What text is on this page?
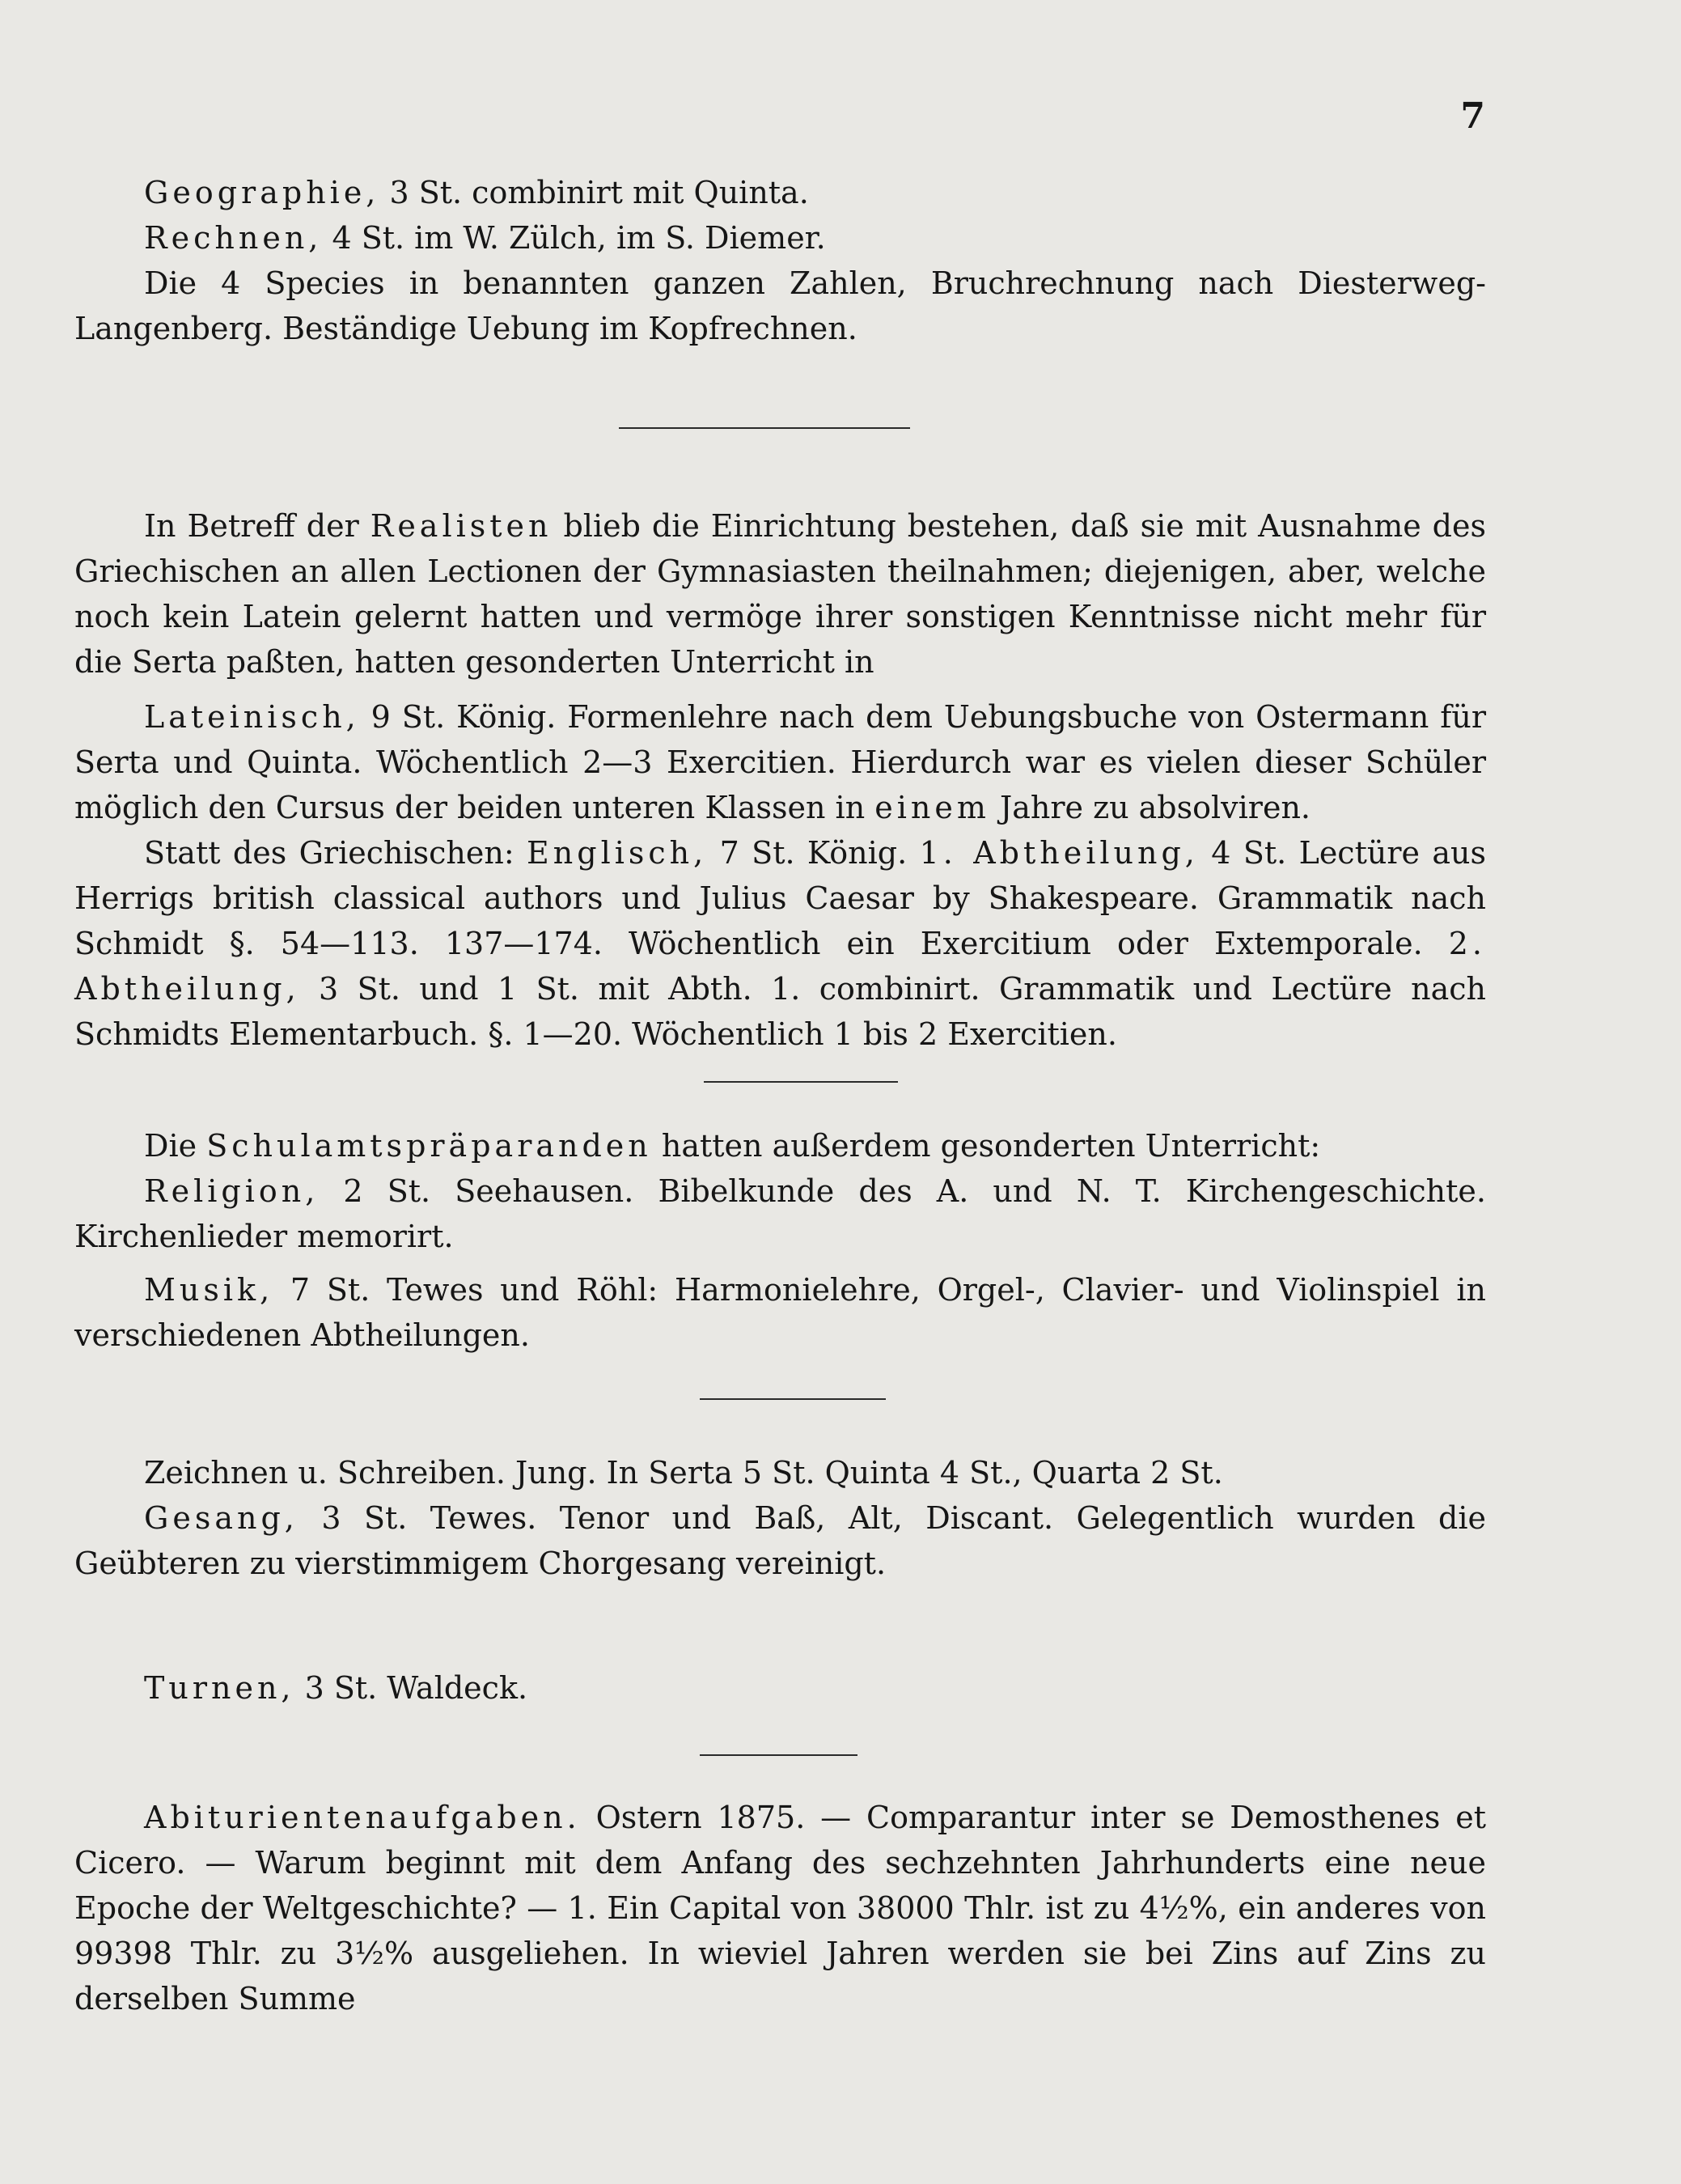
7

Geographie, 3 St. combinirt mit Quinta.

Rechnen, 4 St. im W. Zülch, im S. Diemer.

Die 4 Species in benannten ganzen Zahlen, Bruchrechnung nach Diesterweg-Langenberg. Beständige Uebung im Kopfrechnen.

In Betreff der Realisten blieb die Einrichtung bestehen, daß sie mit Ausnahme des Griechischen an allen Lectionen der Gymnasiasten theilnahmen; diejenigen, aber, welche noch kein Latein gelernt hatten und vermöge ihrer sonstigen Kenntnisse nicht mehr für die Serta paßten, hatten gesonderten Unterricht in

Lateinisch, 9 St. König. Formenlehre nach dem Uebungsbuche von Ostermann für Serta und Quinta. Wöchentlich 2—3 Exercitien. Hierdurch war es vielen dieser Schüler möglich den Cursus der beiden unteren Klassen in einem Jahre zu absolviren.

Statt des Griechischen: Englisch, 7 St. König. 1. Abtheilung, 4 St. Lectüre aus Herrigs british classical authors und Julius Caesar by Shakespeare. Grammatik nach Schmidt §. 54—113. 137—174. Wöchentlich ein Exercitium oder Extemporale. 2. Abtheilung, 3 St. und 1 St. mit Abth. 1. combinirt. Grammatik und Lectüre nach Schmidts Elementarbuch. §. 1—20. Wöchentlich 1 bis 2 Exercitien.

Die Schulamtspräparanden hatten außerdem gesonderten Unterricht:

Religion, 2 St. Seehausen. Bibelkunde des A. und N. T. Kirchengeschichte. Kirchenlieder memorirt.

Musik, 7 St. Tewes und Röhl: Harmonielehre, Orgel-, Clavier- und Violinspiel in verschiedenen Abtheilungen.

Zeichnen u. Schreiben. Jung. In Serta 5 St. Quinta 4 St., Quarta 2 St.

Gesang, 3 St. Tewes. Tenor und Baß, Alt, Discant. Gelegentlich wurden die Geübteren zu vierstimmigem Chorgesang vereinigt.

Turnen, 3 St. Waldeck.

Abiturientenaufgaben. Ostern 1875. — Comparantur inter se Demosthenes et Cicero. — Warum beginnt mit dem Anfang des sechzehnten Jahrhunderts eine neue Epoche der Weltgeschichte? — 1. Ein Capital von 38000 Thlr. ist zu 4½%, ein anderes von 99398 Thlr. zu 3½% ausgeliehen. In wieviel Jahren werden sie bei Zins auf Zins zu derselben Summe
